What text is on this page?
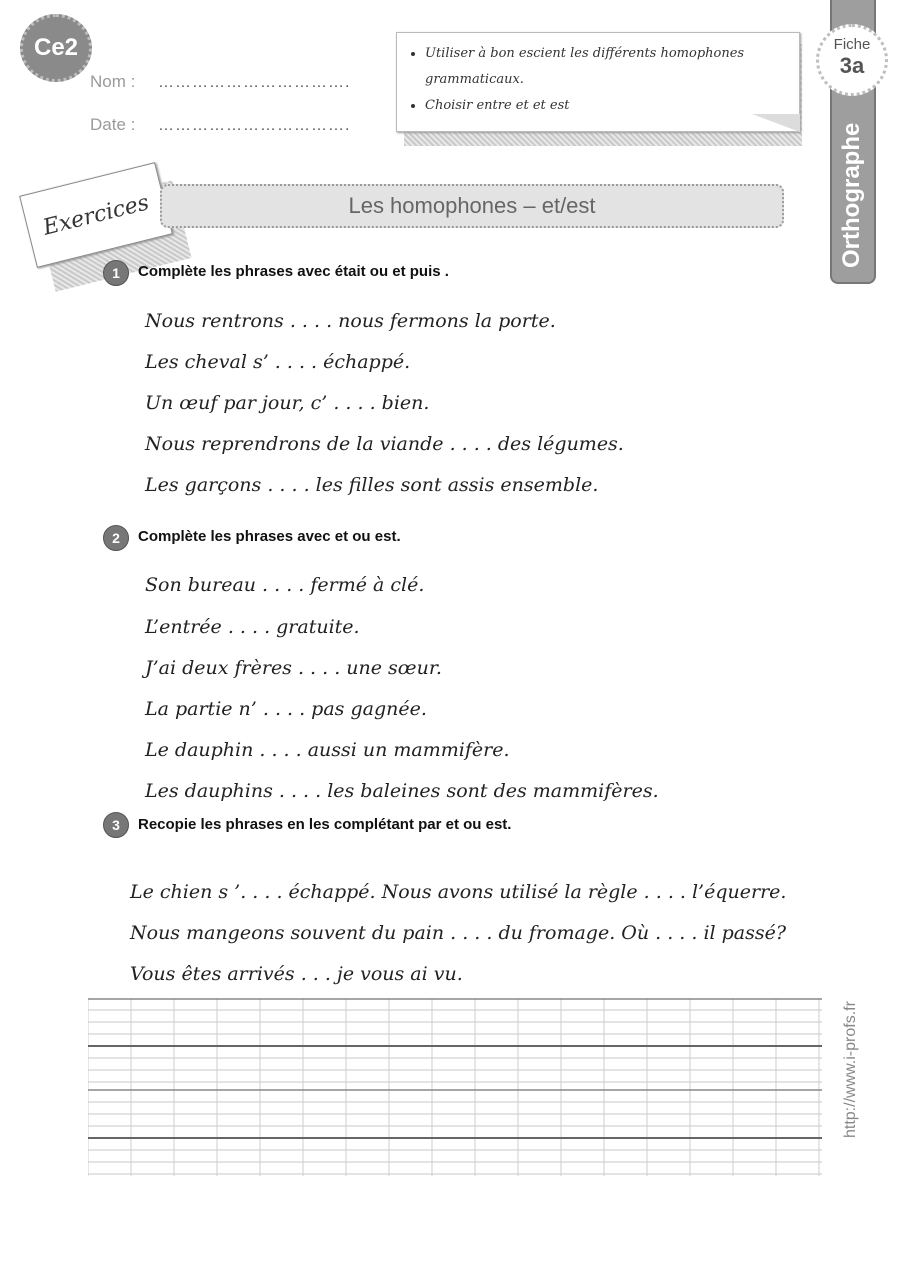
Ce2
Nom : …………………………….
Date : …………………………….
• Utiliser à bon escient les différents homophones grammaticaux.
• Choisir entre et et est
Orthographe
Fiche
3a
Exercices	Les homophones – et/est
1	Complète les phrases avec était ou et puis .
Nous rentrons . . . . nous fermons la porte.
Les cheval s’ . . . . échappé.
Un œuf par jour, c’ . . . . bien.
Nous reprendrons de la viande . . . . des légumes.
Les garçons . . . . les filles sont assis ensemble.
2	Complète les phrases avec et ou est.
Son bureau . . . . fermé à clé.
L’entrée . . . . gratuite.
J’ai deux frères . . . . une sœur.
La partie n’ . . . . pas gagnée.
Le dauphin . . . . aussi un mammifère.
Les dauphins . . . . les baleines sont des mammifères.
3	Recopie les phrases en les complétant par et ou est.
Le chien s ’. . . . échappé. Nous avons utilisé la règle . . . . l’équerre.
Nous mangeons souvent du pain . . . . du fromage. Où . . . . il passé?
Vous êtes arrivés . . . je vous ai vu.
http://www.i-profs.fr
